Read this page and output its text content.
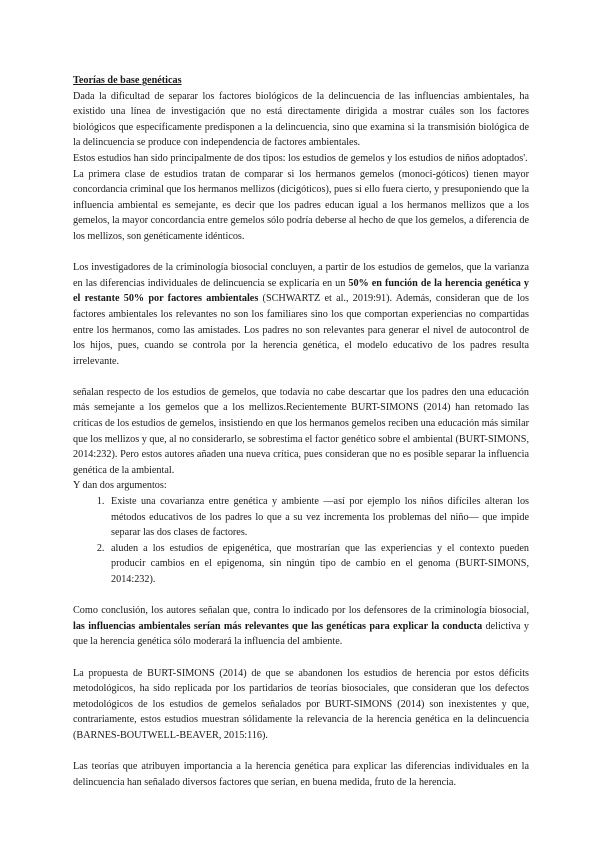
Teorías de base genéticas

Dada la dificultad de separar los factores biológicos de la delincuencia de las influencias ambientales, ha existido una línea de investigación que no está directamente dirigida a mostrar cuáles son los factores biológicos que específicamente predisponen a la delincuencia, sino que examina si la transmisión biológica de la delincuencia se produce con independencia de factores ambientales.

Estos estudios han sido principalmente de dos tipos: los estudios de gemelos y los estudios de niños adoptados'.

La primera clase de estudios tratan de comparar si los hermanos gemelos (monoci-góticos) tienen mayor concordancia criminal que los hermanos mellizos (dicigóticos), pues si ello fuera cierto, y presuponiendo que la influencia ambiental es semejante, es decir que los padres educan igual a los hermanos mellizos que a los gemelos, la mayor concordancia entre gemelos sólo podría deberse al hecho de que los gemelos, a diferencia de los mellizos, son genéticamente idénticos.

Los investigadores de la criminología biosocial concluyen, a partir de los estudios de gemelos, que la varianza en las diferencias individuales de delincuencia se explicaría en un 50% en función de la herencia genética y el restante 50% por factores ambientales (SCHWARTZ et al., 2019:91). Además, consideran que de los factores ambientales los relevantes no son los familiares sino los que comportan experiencias no compartidas entre los hermanos, como las amistades. Los padres no son relevantes para generar el nivel de autocontrol de los hijos, pues, cuando se controla por la herencia genética, el modelo educativo de los padres resulta irrelevante.

señalan respecto de los estudios de gemelos, que todavía no cabe descartar que los padres den una educación más semejante a los gemelos que a los mellizos.Recientemente BURT-SIMONS (2014) han retomado las críticas de los estudios de gemelos, insistiendo en que los hermanos gemelos reciben una educación más similar que los mellizos y que, al no considerarlo, se sobrestima el factor genético sobre el ambiental (BURT-SIMONS, 2014:232). Pero estos autores añaden una nueva crítica, pues consideran que no es posible separar la influencia genética de la ambiental.

Y dan dos argumentos:

1. Existe una covarianza entre genética y ambiente —así por ejemplo los niños difíciles alteran los métodos educativos de los padres lo que a su vez incrementa los problemas del niño— que impide separar las dos clases de factores.
2. aluden a los estudios de epigenética, que mostrarían que las experiencias y el contexto pueden producir cambios en el epigenoma, sin ningún tipo de cambio en el genoma (BURT-SIMONS, 2014:232).

Como conclusión, los autores señalan que, contra lo indicado por los defensores de la criminología biosocial, las influencias ambientales serían más relevantes que las genéticas para explicar la conducta delictiva y que la herencia genética sólo moderará la influencia del ambiente.

La propuesta de BURT-SIMONS (2014) de que se abandonen los estudios de herencia por estos déficits metodológicos, ha sido replicada por los partidarios de teorías biosociales, que consideran que los defectos metodológicos de los estudios de gemelos señalados por BURT-SIMONS (2014) son inexistentes y que, contrariamente, estos estudios muestran sólidamente la relevancia de la herencia genética en la delincuencia (BARNES-BOUTWELL-BEAVER, 2015:116).

Las teorías que atribuyen importancia a la herencia genética para explicar las diferencias individuales en la delincuencia han señalado diversos factores que serían, en buena medida, fruto de la herencia.
